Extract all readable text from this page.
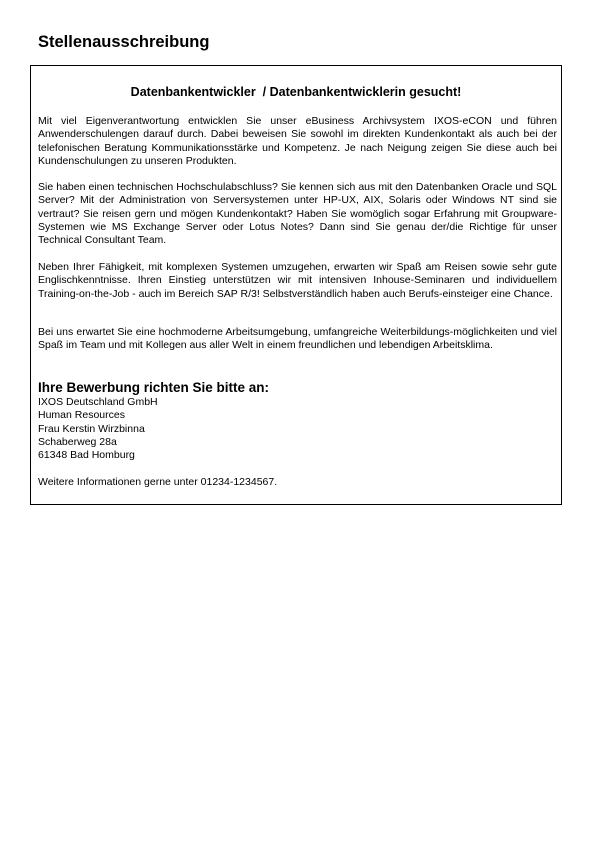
Stellenausschreibung
Datenbankentwickler  / Datenbankentwicklerin gesucht!

Mit viel Eigenverantwortung entwicklen Sie unser eBusiness Archivsystem IXOS-eCON und führen Anwenderschulengen darauf durch. Dabei beweisen Sie sowohl im direkten Kundenkontakt als auch bei der telefonischen Beratung Kommunikationsstärke und Kompetenz. Je nach Neigung zeigen Sie diese auch bei Kundenschulungen zu unseren Produkten.

Sie haben einen technischen Hochschulabschluss? Sie kennen sich aus mit den Datenbanken Oracle und SQL Server? Mit der Administration von Serversystemen unter HP-UX, AIX, Solaris oder Windows NT sind sie vertraut? Sie reisen gern und mögen Kundenkontakt? Haben Sie womöglich sogar Erfahrung mit Groupware-Systemen wie MS Exchange Server oder Lotus Notes? Dann sind Sie genau der/die Richtige für unser Technical Consultant Team.

Neben Ihrer Fähigkeit, mit komplexen Systemen umzugehen, erwarten wir Spaß am Reisen sowie sehr gute Englischkenntnisse. Ihren Einstieg unterstützen wir mit intensiven Inhouse-Seminaren und individuellem Training-on-the-Job - auch im Bereich SAP R/3! Selbstverständlich haben auch Berufs-einsteiger eine Chance.

Bei uns erwartet Sie eine hochmoderne Arbeitsumgebung, umfangreiche Weiterbildungs-möglichkeiten und viel Spaß im Team und mit Kollegen aus aller Welt in einem freundlichen und lebendigen Arbeitsklima.

Ihre Bewerbung richten Sie bitte an:
IXOS Deutschland GmbH
Human Resources
Frau Kerstin Wirzbinna
Schaberweg 28a
61348 Bad Homburg

Weitere Informationen gerne unter 01234-1234567.
